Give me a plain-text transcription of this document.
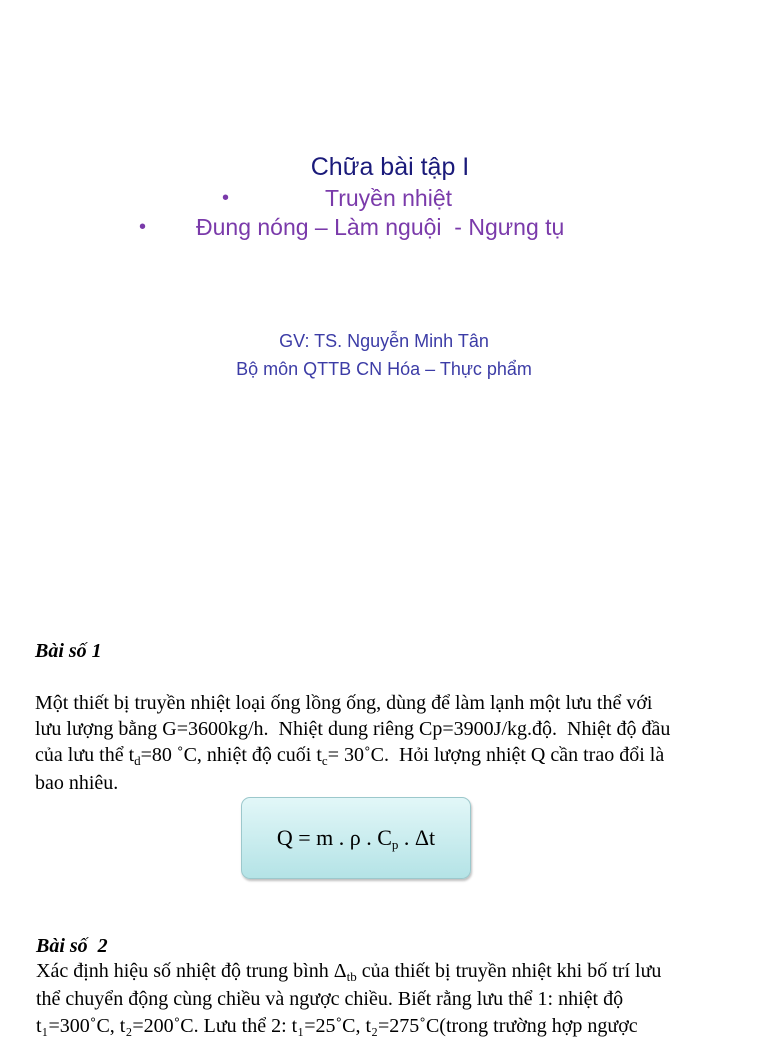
Chữa bài tập I
•	Truyền nhiệt
• Đung nóng – Làm nguội  - Ngưng tụ
GV: TS. Nguyễn Minh Tân
Bộ môn QTTB CN Hóa – Thực phẩm
Bài số 1
Một thiết bị truyền nhiệt loại ống lồng ống, dùng để làm lạnh một lưu thể với
lưu lượng bằng G=3600kg/h.  Nhiệt dung riêng Cp=3900J/kg.độ.  Nhiệt độ đầu
của lưu thể $t_d=80$ ˚C, nhiệt độ cuối $t_c=$ 30˚C.  Hỏi lượng nhiệt Q cần trao đổi là
bao nhiêu.
Q = m . ρ . $C_p$ . Δt
Bài số  2
Xác định hiệu số nhiệt độ trung bình $\Delta_{tb}$ của thiết bị truyền nhiệt khi bố trí lưu
thể chuyển động cùng chiều và ngược chiều. Biết rằng lưu thể 1: nhiệt độ
t₁=300˚C, t₂=200˚C. Lưu thể 2: t₁=25˚C, t₂=275˚C(trong trường hợp ngược
